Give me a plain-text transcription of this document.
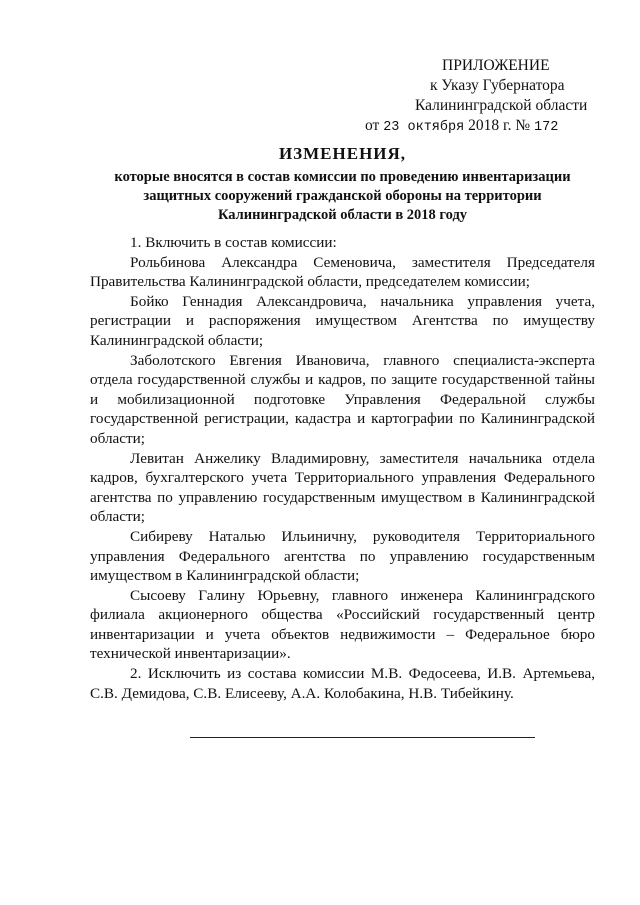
ПРИЛОЖЕНИЕ
к Указу Губернатора
Калининградской области
от 23 октября 2018 г. № 172
ИЗМЕНЕНИЯ,
которые вносятся в состав комиссии по проведению инвентаризации
защитных сооружений гражданской обороны на территории
Калининградской области в 2018 году

1. Включить в состав комиссии:

Рольбинова Александра Семеновича, заместителя Председателя Правительства Калининградской области, председателем комиссии;

Бойко Геннадия Александровича, начальника управления учета, регистрации и распоряжения имуществом Агентства по имуществу Калининградской области;

Заболотского Евгения Ивановича, главного специалиста-эксперта отдела государственной службы и кадров, по защите государственной тайны и мобилизационной подготовке Управления Федеральной службы государственной регистрации, кадастра и картографии по Калининградской области;

Левитан Анжелику Владимировну, заместителя начальника отдела кадров, бухгалтерского учета Территориального управления Федерального агентства по управлению государственным имуществом в Калининградской области;

Сибиреву Наталью Ильиничну, руководителя Территориального управления Федерального агентства по управлению государственным имуществом в Калининградской области;

Сысоеву Галину Юрьевну, главного инженера Калининградского филиала акционерного общества «Российский государственный центр инвентаризации и учета объектов недвижимости – Федеральное бюро технической инвентаризации».

2. Исключить из состава комиссии М.В. Федосеева, И.В. Артемьева, С.В. Демидова, С.В. Елисееву, А.А. Колобакина, Н.В. Тибейкину.
